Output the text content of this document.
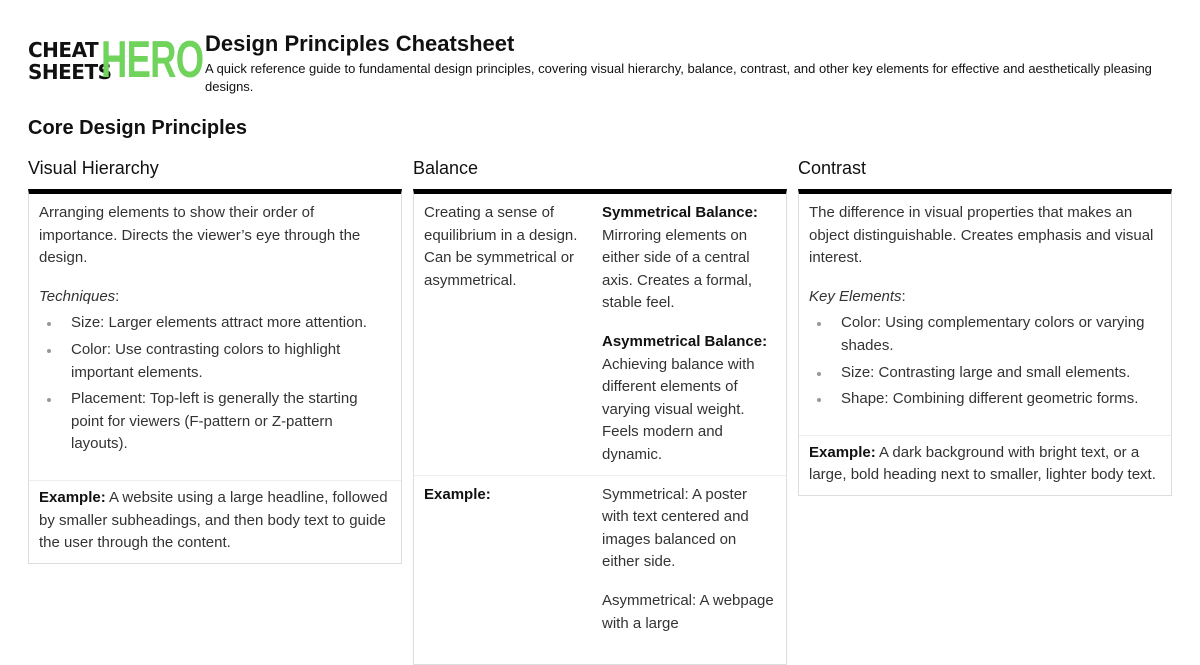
CHEAT
SHEETS
HERO Design Principles Cheatsheet
A quick reference guide to fundamental design principles, covering visual hierarchy, balance, contrast, and other key elements for effective and aesthetically pleasing designs.
Core Design Principles
Visual Hierarchy
Arranging elements to show their order of importance. Directs the viewer’s eye through the design.
Techniques:
Size: Larger elements attract more attention.
Color: Use contrasting colors to highlight important elements.
Placement: Top-left is generally the starting point for viewers (F-pattern or Z-pattern layouts).
Example: A website using a large headline, followed by smaller subheadings, and then body text to guide the user through the content.
Balance
Creating a sense of equilibrium in a design. Can be symmetrical or asymmetrical.
Symmetrical Balance:
Mirroring elements on either side of a central axis. Creates a formal, stable feel.
Asymmetrical Balance:
Achieving balance with different elements of varying visual weight. Feels modern and dynamic.
Example:	Symmetrical: A poster with text centered and images balanced on either side.
Asymmetrical: A webpage with a large
Contrast
The difference in visual properties that makes an object distinguishable. Creates emphasis and visual interest.
Key Elements:
Color: Using complementary colors or varying shades.
Size: Contrasting large and small elements.
Shape: Combining different geometric forms.
Example: A dark background with bright text, or a large, bold heading next to smaller, lighter body text.
